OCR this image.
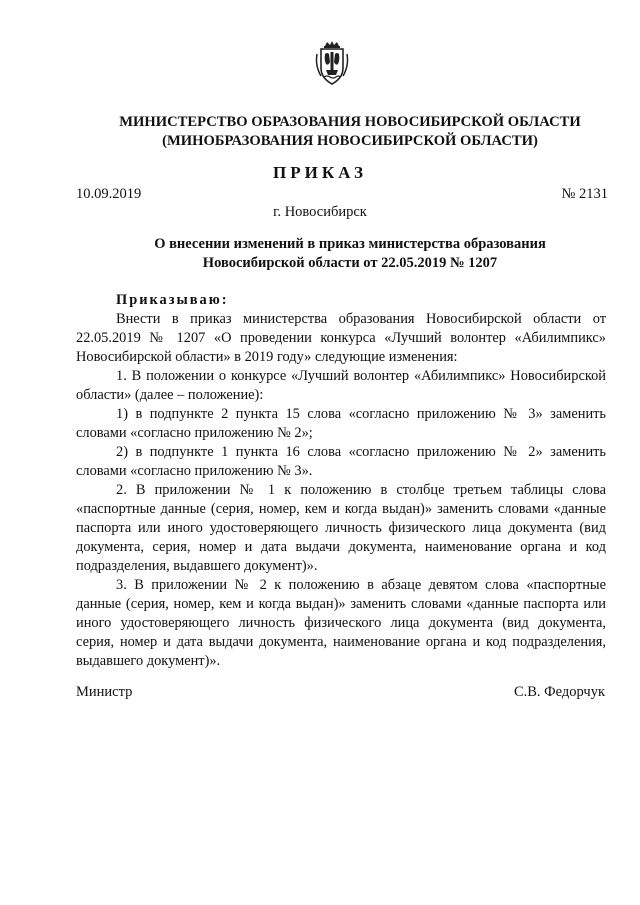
МИНИСТЕРСТВО ОБРАЗОВАНИЯ НОВОСИБИРСКОЙ ОБЛАСТИ
(МИНОБРАЗОВАНИЯ НОВОСИБИРСКОЙ ОБЛАСТИ)
ПРИКАЗ
10.09.2019	№ 2131
г. Новосибирск
О внесении изменений в приказ министерства образования
Новосибирской области от 22.05.2019 № 1207
Приказываю:
Внести в приказ министерства образования Новосибирской области от 22.05.2019 № 1207 «О проведении конкурса «Лучший волонтер «Абилимпикс» Новосибирской области» в 2019 году» следующие изменения:
1. В положении о конкурсе «Лучший волонтер «Абилимпикс» Новосибирской области» (далее – положение):
1) в подпункте 2 пункта 15 слова «согласно приложению № 3» заменить словами «согласно приложению № 2»;
2) в подпункте 1 пункта 16 слова «согласно приложению № 2» заменить словами «согласно приложению № 3».
2. В приложении № 1 к положению в столбце третьем таблицы слова «паспортные данные (серия, номер, кем и когда выдан)» заменить словами «данные паспорта или иного удостоверяющего личность физического лица документа (вид документа, серия, номер и дата выдачи документа, наименование органа и код подразделения, выдавшего документ)».
3. В приложении № 2 к положению в абзаце девятом слова «паспортные данные (серия, номер, кем и когда выдан)» заменить словами «данные паспорта или иного удостоверяющего личность физического лица документа (вид документа, серия, номер и дата выдачи документа, наименование органа и код подразделения, выдавшего документ)».
Министр	С.В. Федорчук
